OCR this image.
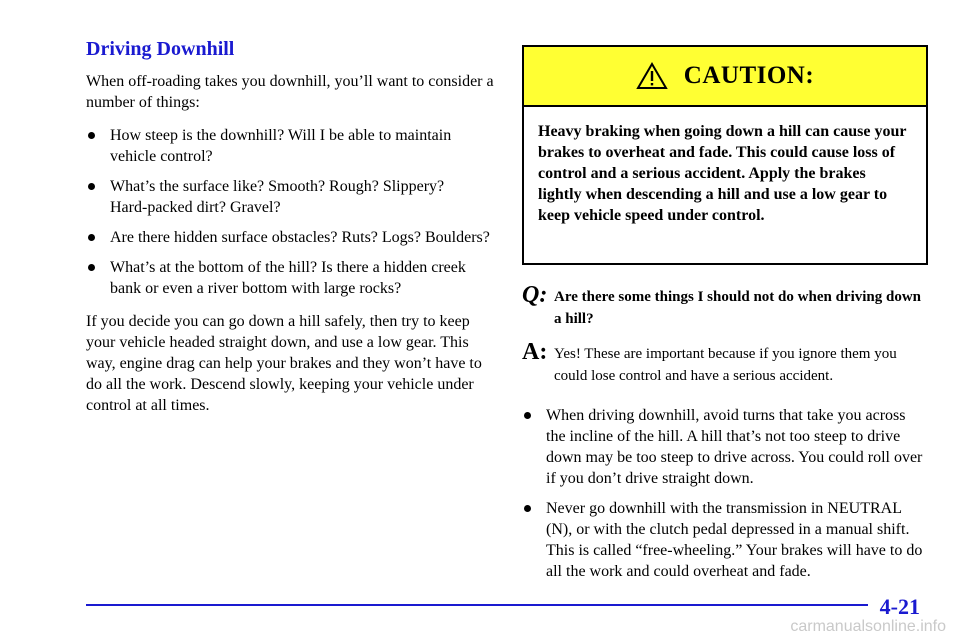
Driving Downhill

When off‑roading takes you downhill, you’ll want to consider a number of things:

How steep is the downhill? Will I be able to maintain vehicle control?
What’s the surface like? Smooth? Rough? Slippery? Hard‑packed dirt? Gravel?
Are there hidden surface obstacles? Ruts? Logs? Boulders?
What’s at the bottom of the hill? Is there a hidden creek bank or even a river bottom with large rocks?

If you decide you can go down a hill safely, then try to keep your vehicle headed straight down, and use a low gear. This way, engine drag can help your brakes and they won’t have to do all the work. Descend slowly, keeping your vehicle under control at all times.

CAUTION:
Heavy braking when going down a hill can cause your brakes to overheat and fade. This could cause loss of control and a serious accident. Apply the brakes lightly when descending a hill and use a low gear to keep vehicle speed under control.
Q: Are there some things I should not do when driving down a hill?
A: Yes! These are important because if you ignore them you could lose control and have a serious accident.
When driving downhill, avoid turns that take you across the incline of the hill. A hill that’s not too steep to drive down may be too steep to drive across. You could roll over if you don’t drive straight down.
Never go downhill with the transmission in NEUTRAL (N), or with the clutch pedal depressed in a manual shift. This is called “free‑wheeling.” Your brakes will have to do all the work and could overheat and fade.
4-21
carmanualsonline.info
